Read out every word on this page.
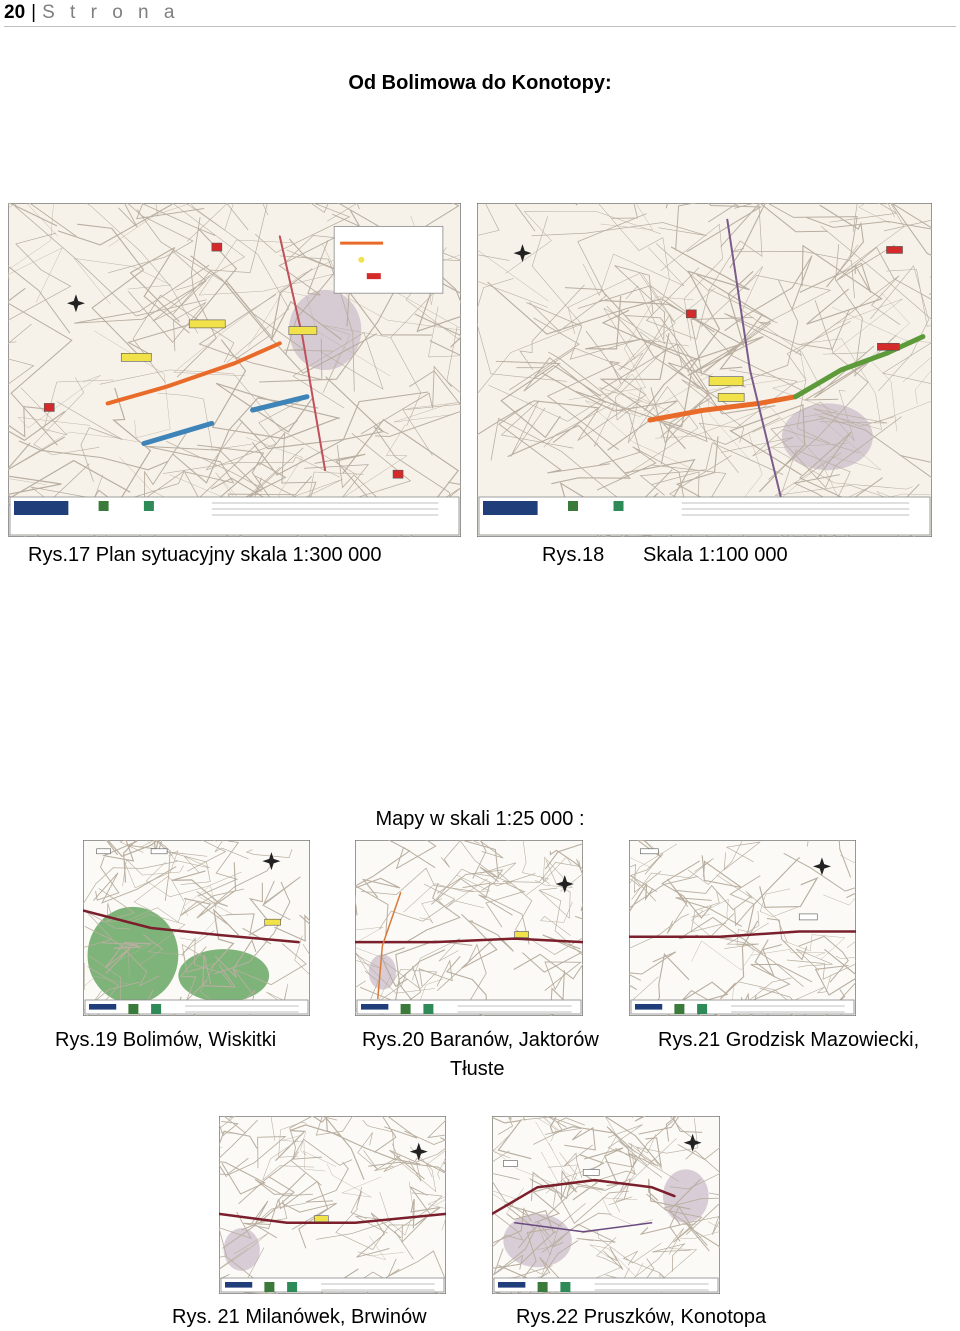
20 | S t r o n a
Od Bolimowa do Konotopy:
Rys.17 Plan sytuacyjny skala 1:300 000	Rys.18 Skala 1:100 000
Mapy w skali 1:25 000 :
Rys.19 Bolimów, Wiskitki	Rys.20 Baranów, Jaktorów
Tłuste
Rys.21 Grodzisk Mazowiecki,
Rys. 21 Milanówek, Brwinów	Rys.22 Pruszków, Konotopa
